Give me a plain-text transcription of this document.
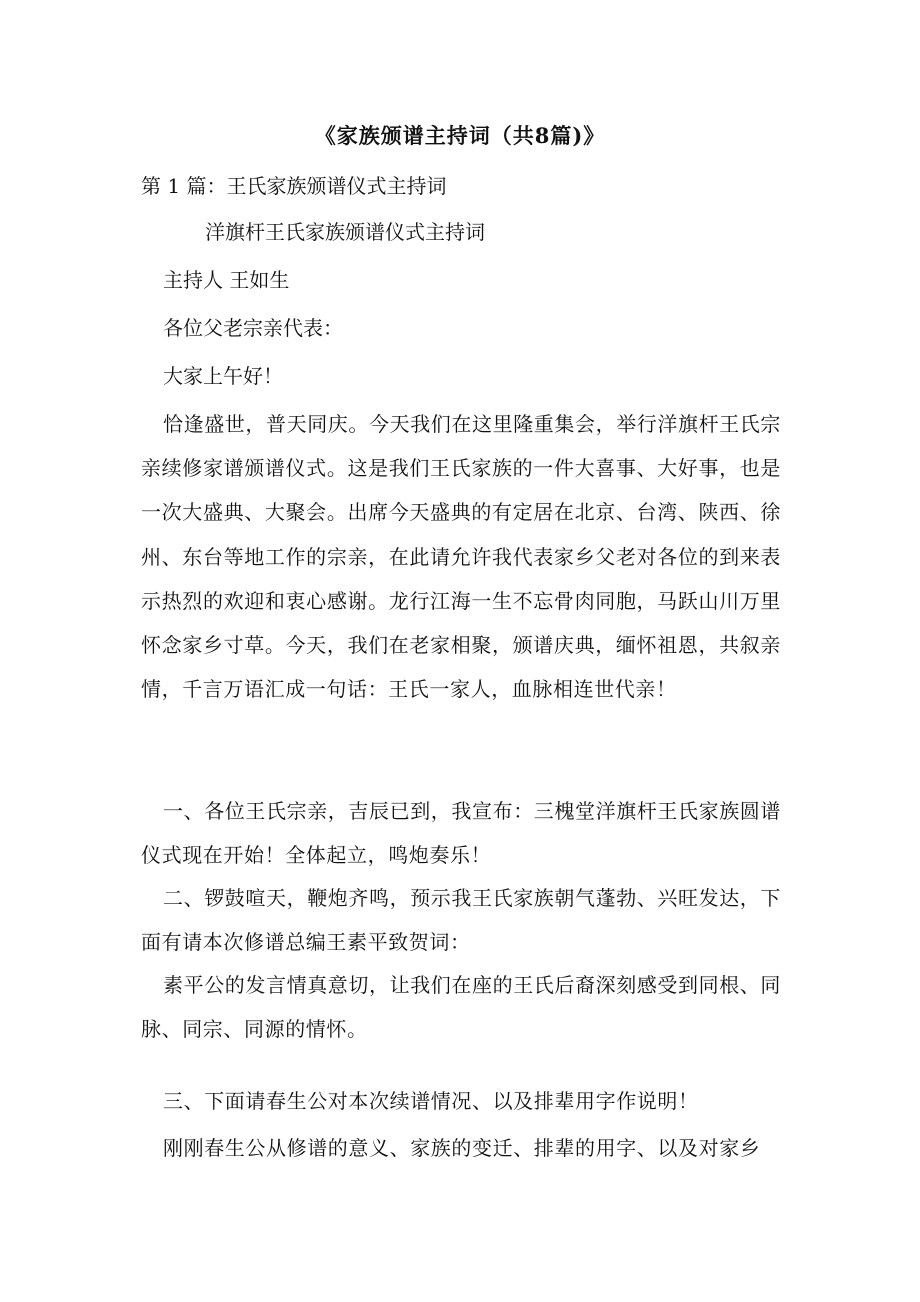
《家族颁谱主持词（共8篇)》

第 1 篇：王氏家族颁谱仪式主持词

洋旗杆王氏家族颁谱仪式主持词

主持人 王如生

各位父老宗亲代表：

大家上午好！

恰逢盛世，普天同庆。今天我们在这里隆重集会，举行洋旗杆王氏宗亲续修家谱颁谱仪式。这是我们王氏家族的一件大喜事、大好事，也是一次大盛典、大聚会。出席今天盛典的有定居在北京、台湾、陕西、徐州、东台等地工作的宗亲，在此请允许我代表家乡父老对各位的到来表示热烈的欢迎和衷心感谢。龙行江海一生不忘骨肉同胞，马跃山川万里怀念家乡寸草。今天，我们在老家相聚，颁谱庆典，缅怀祖恩，共叙亲情，千言万语汇成一句话：王氏一家人，血脉相连世代亲！

一、各位王氏宗亲，吉辰已到，我宣布：三槐堂洋旗杆王氏家族圆谱仪式现在开始！全体起立，鸣炮奏乐！

二、锣鼓喧天，鞭炮齐鸣，预示我王氏家族朝气蓬勃、兴旺发达，下面有请本次修谱总编王素平致贺词：

素平公的发言情真意切，让我们在座的王氏后裔深刻感受到同根、同脉、同宗、同源的情怀。

三、下面请春生公对本次续谱情况、以及排辈用字作说明！

刚刚春生公从修谱的意义、家族的变迁、排辈的用字、以及对家乡
